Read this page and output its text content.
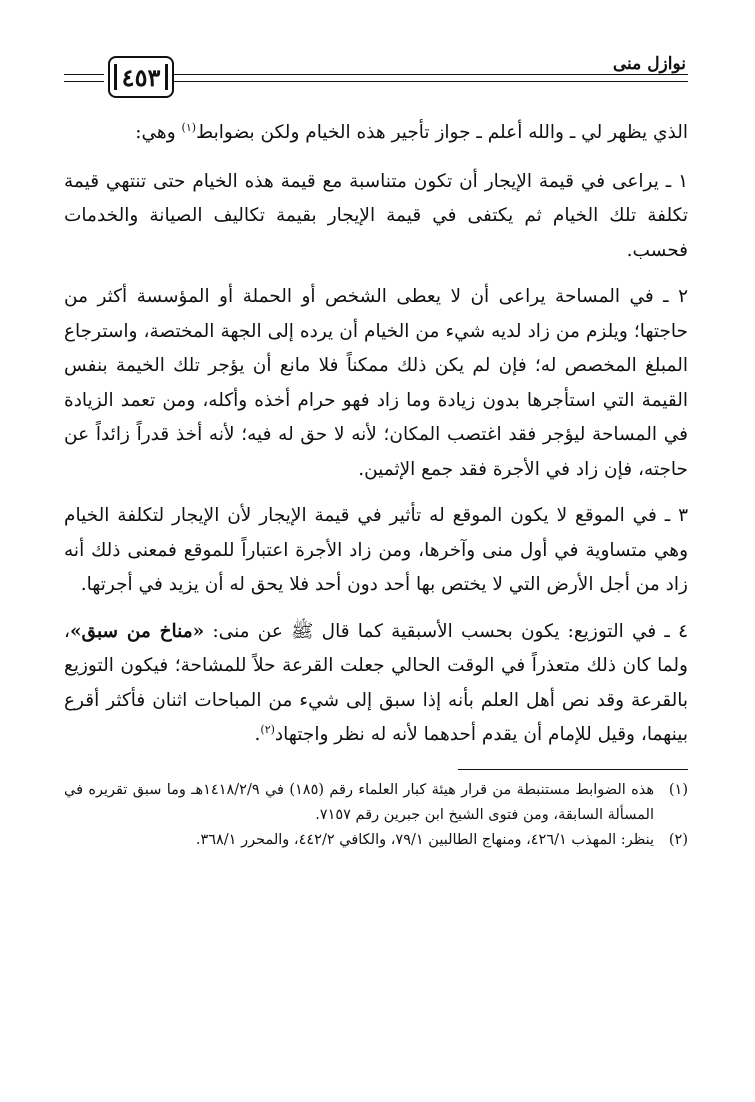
نوازل منى
٤٥٣

الذي يظهر لي ـ والله أعلم ـ جواز تأجير هذه الخيام ولكن بضوابط$^{(١)}$ وهي:

١ ـ يراعى في قيمة الإيجار أن تكون متناسبة مع قيمة هذه الخيام حتى تنتهي قيمة تكلفة تلك الخيام ثم يكتفى في قيمة الإيجار بقيمة تكاليف الصيانة والخدمات فحسب.

٢ ـ في المساحة يراعى أن لا يعطى الشخص أو الحملة أو المؤسسة أكثر من حاجتها؛ ويلزم من زاد لديه شيء من الخيام أن يرده إلى الجهة المختصة، واسترجاع المبلغ المخصص له؛ فإن لم يكن ذلك ممكناً فلا مانع أن يؤجر تلك الخيمة بنفس القيمة التي استأجرها بدون زيادة وما زاد فهو حرام أخذه وأكله، ومن تعمد الزيادة في المساحة ليؤجر فقد اغتصب المكان؛ لأنه لا حق له فيه؛ لأنه أخذ قدراً زائداً عن حاجته، فإن زاد في الأجرة فقد جمع الإثمين.

٣ ـ في الموقع لا يكون الموقع له تأثير في قيمة الإيجار لأن الإيجار لتكلفة الخيام وهي متساوية في أول منى وآخرها، ومن زاد الأجرة اعتباراً للموقع فمعنى ذلك أنه زاد من أجل الأرض التي لا يختص بها أحد دون أحد فلا يحق له أن يزيد في أجرتها.

٤ ـ في التوزيع: يكون بحسب الأسبقية كما قال ﷺ عن منى: «مناخ من سبق»، ولما كان ذلك متعذراً في الوقت الحالي جعلت القرعة حلاً للمشاحة؛ فيكون التوزيع بالقرعة وقد نص أهل العلم بأنه إذا سبق إلى شيء من المباحات اثنان فأكثر أقرع بينهما، وقيل للإمام أن يقدم أحدهما لأنه له نظر واجتهاد$^{(٢)}$.

(١)
هذه الضوابط مستنبطة من قرار هيئة كبار العلماء رقم (١٨٥) في ١٤١٨/٢/٩هـ وما سبق تقريره في المسألة السابقة، ومن فتوى الشيخ ابن جبرين رقم ٧١٥٧.
(٢)
ينظر: المهذب ٤٢٦/١، ومنهاج الطالبين ٧٩/١، والكافي ٤٤٢/٢، والمحرر ٣٦٨/١.
